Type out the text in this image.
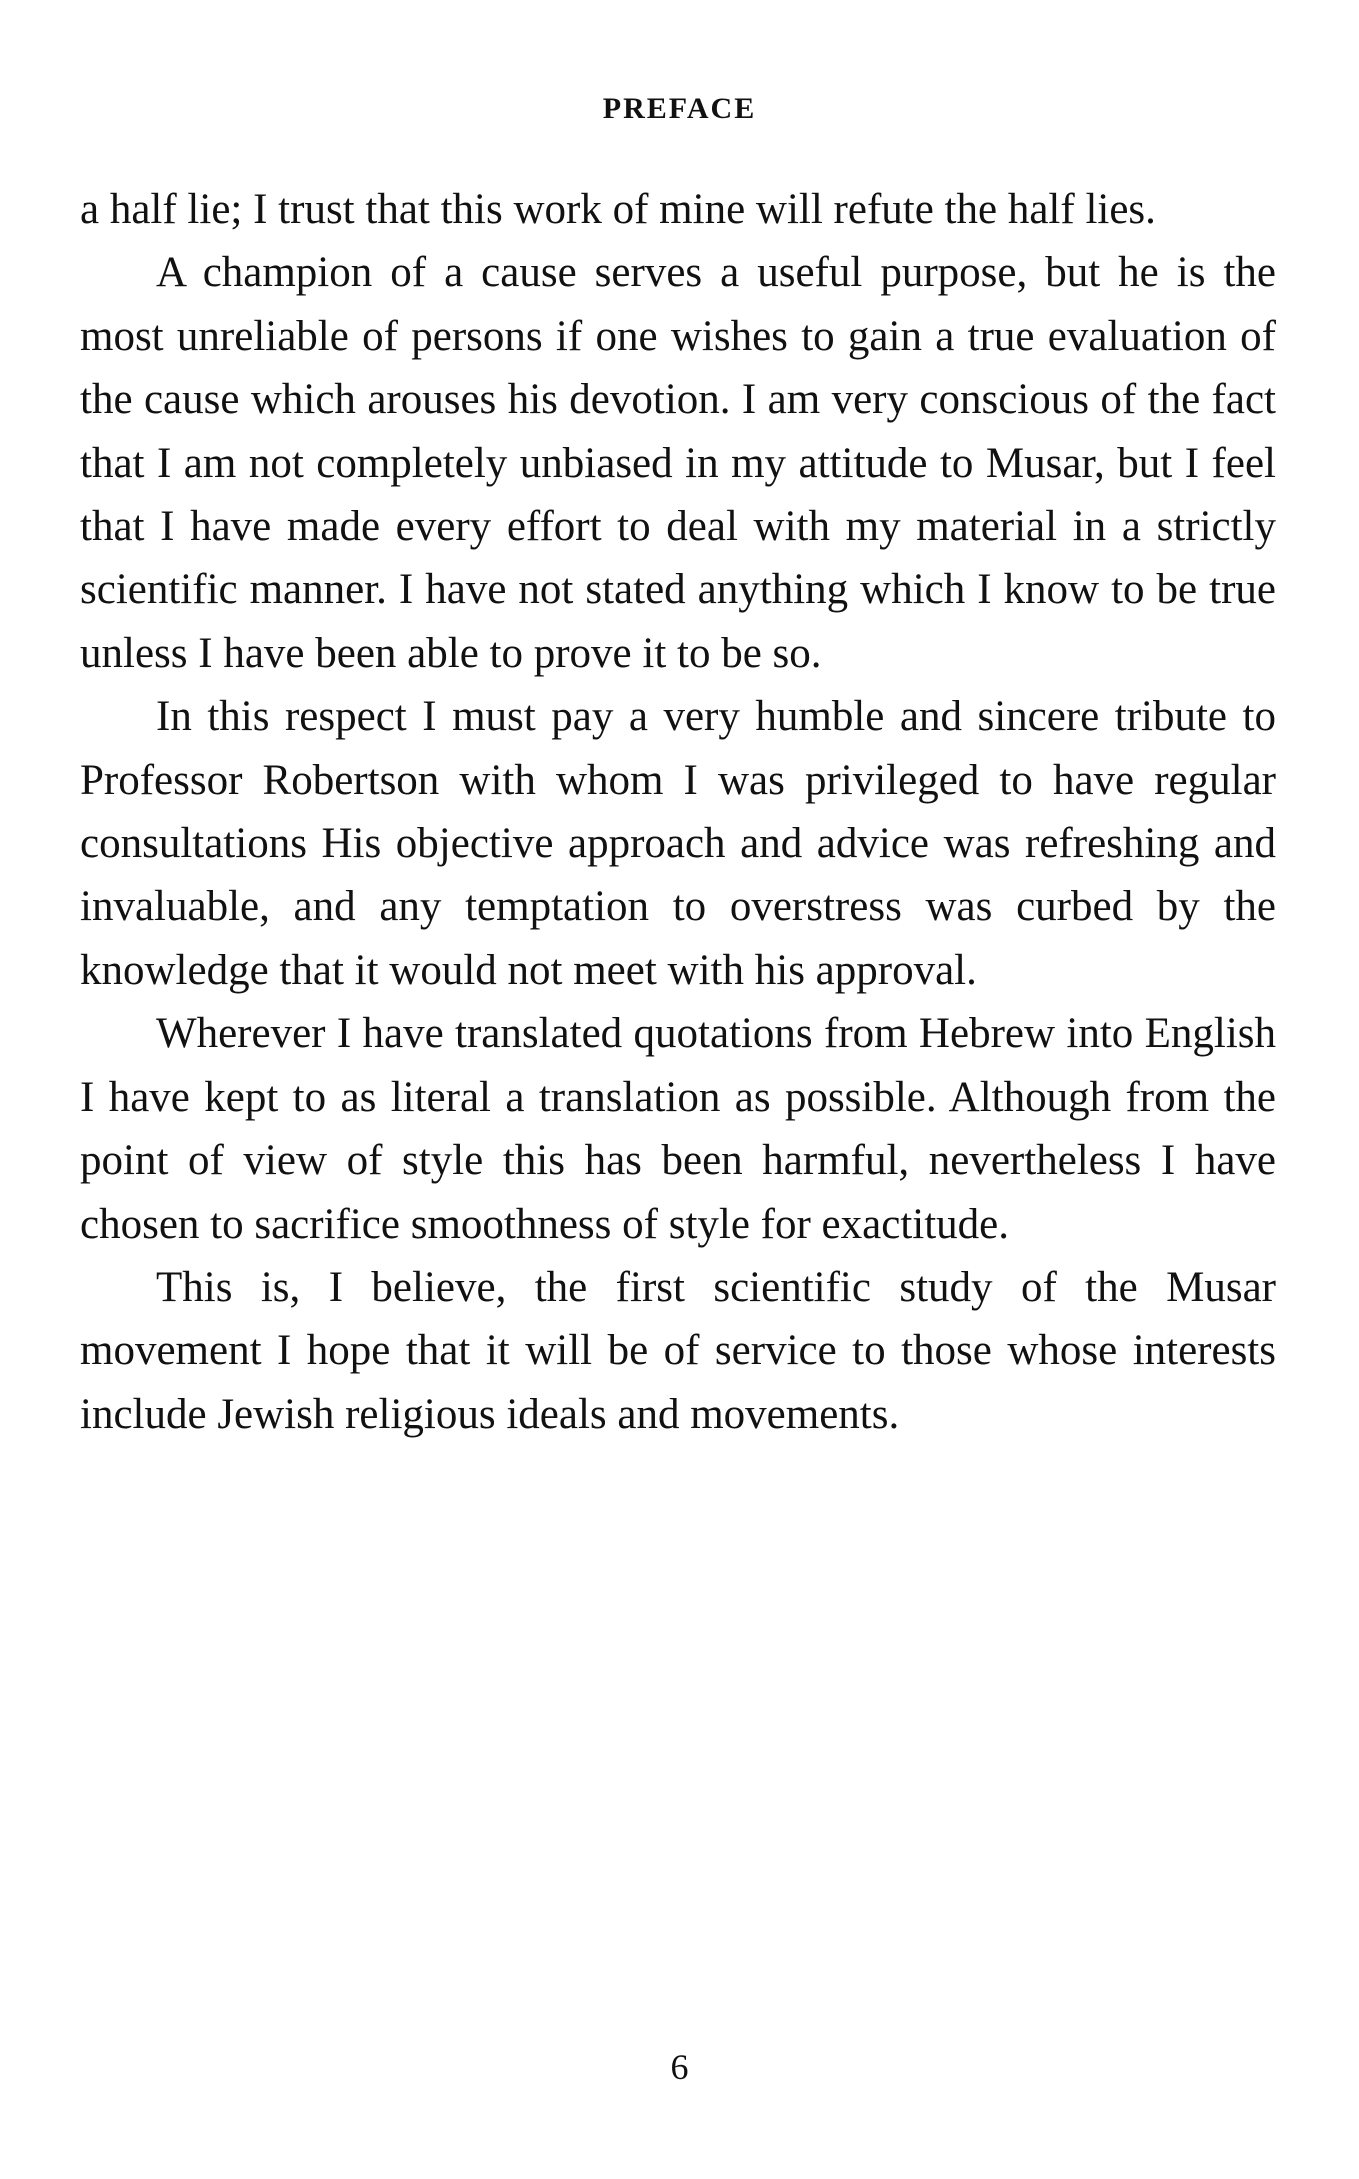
PREFACE

a half lie; I trust that this work of mine will refute the half lies.

A champion of a cause serves a useful purpose, but he is the most unreliable of persons if one wishes to gain a true evaluation of the cause which arouses his devotion. I am very conscious of the fact that I am not completely unbiased in my attitude to Musar, but I feel that I have made every effort to deal with my material in a strictly scientific manner. I have not stated anything which I know to be true unless I have been able to prove it to be so.

In this respect I must pay a very humble and sincere tribute to Professor Robertson with whom I was privileged to have regular consultations His objective approach and advice was refreshing and invaluable, and any temptation to overstress was curbed by the knowledge that it would not meet with his approval.

Wherever I have translated quotations from Hebrew into English I have kept to as literal a translation as possible. Although from the point of view of style this has been harmful, nevertheless I have chosen to sacrifice smoothness of style for exactitude.

This is, I believe, the first scientific study of the Musar movement I hope that it will be of service to those whose interests include Jewish religious ideals and movements.

6
